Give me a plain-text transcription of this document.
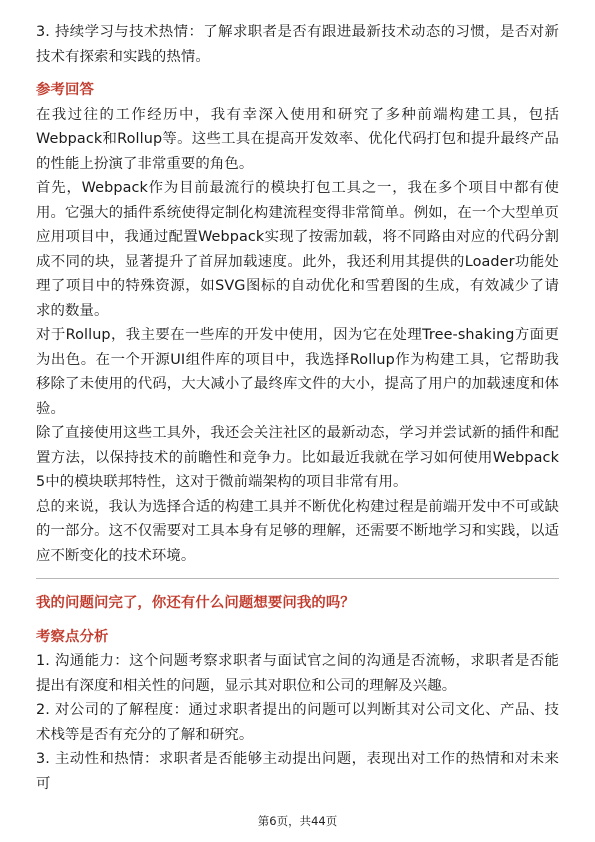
3. 持续学习与技术热情：了解求职者是否有跟进最新技术动态的习惯，是否对新技术有探索和实践的热情。

参考回答

在我过往的工作经历中，我有幸深入使用和研究了多种前端构建工具，包括Webpack和Rollup等。这些工具在提高开发效率、优化代码打包和提升最终产品的性能上扮演了非常重要的角色。

首先，Webpack作为目前最流行的模块打包工具之一，我在多个项目中都有使用。它强大的插件系统使得定制化构建流程变得非常简单。例如，在一个大型单页应用项目中，我通过配置Webpack实现了按需加载，将不同路由对应的代码分割成不同的块，显著提升了首屏加载速度。此外，我还利用其提供的Loader功能处理了项目中的特殊资源，如SVG图标的自动优化和雪碧图的生成，有效减少了请求的数量。

对于Rollup，我主要在一些库的开发中使用，因为它在处理Tree-shaking方面更为出色。在一个开源UI组件库的项目中，我选择Rollup作为构建工具，它帮助我移除了未使用的代码，大大减小了最终库文件的大小，提高了用户的加载速度和体验。

除了直接使用这些工具外，我还会关注社区的最新动态，学习并尝试新的插件和配置方法，以保持技术的前瞻性和竞争力。比如最近我就在学习如何使用Webpack 5中的模块联邦特性，这对于微前端架构的项目非常有用。

总的来说，我认为选择合适的构建工具并不断优化构建过程是前端开发中不可或缺的一部分。这不仅需要对工具本身有足够的理解，还需要不断地学习和实践，以适应不断变化的技术环境。

我的问题问完了，你还有什么问题想要问我的吗？

考察点分析

1. 沟通能力：这个问题考察求职者与面试官之间的沟通是否流畅，求职者是否能提出有深度和相关性的问题，显示其对职位和公司的理解及兴趣。

2. 对公司的了解程度：通过求职者提出的问题可以判断其对公司文化、产品、技术栈等是否有充分的了解和研究。

3. 主动性和热情：求职者是否能够主动提出问题，表现出对工作的热情和对未来可

第6页，共44页
